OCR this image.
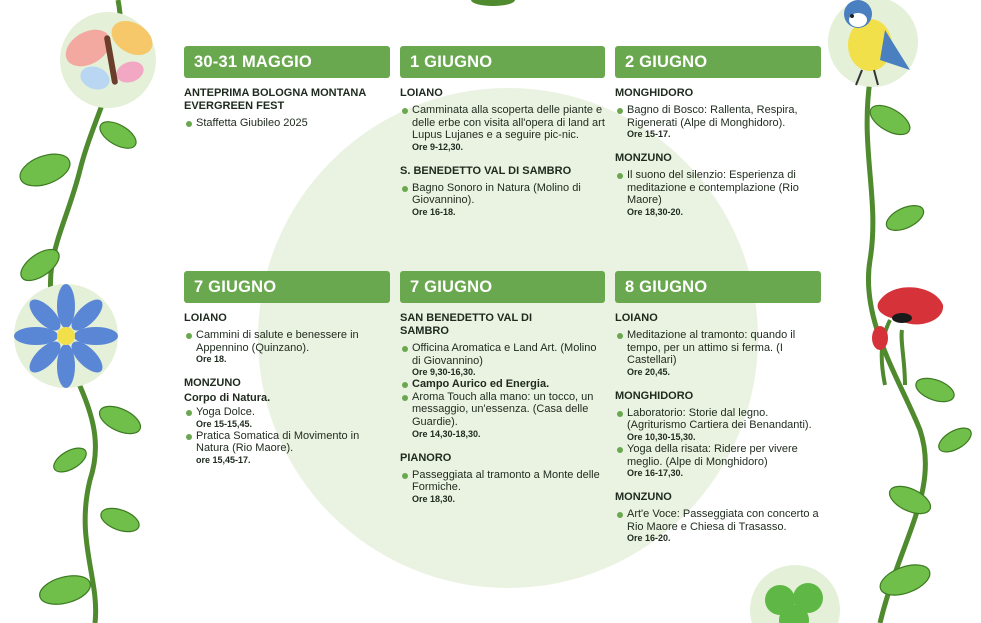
30-31 MAGGIO
ANTEPRIMA BOLOGNA MONTANA EVERGREEN FEST
Staffetta Giubileo 2025
1 GIUGNO
LOIANO
Camminata alla scoperta delle piante e delle erbe con visita all'opera di land art Lupus Lujanes e a seguire pic-nic.
Ore 9-12,30.
S. BENEDETTO VAL DI SAMBRO
Bagno Sonoro in Natura (Molino di Giovannino).
Ore 16-18.
2 GIUGNO
MONGHIDORO
Bagno di Bosco: Rallenta, Respira, Rigenerati (Alpe di Monghidoro).
Ore 15-17.
MONZUNO
Il suono del silenzio: Esperienza di meditazione e contemplazione (Rio Maore)
Ore 18,30-20.
7 GIUGNO
LOIANO
Cammini di salute e benessere in Appennino (Quinzano).
Ore 18.
MONZUNO
Corpo di Natura.
Yoga Dolce.
Ore 15-15,45.
Pratica Somatica di Movimento in Natura (Rio Maore).
ore 15,45-17.
7 GIUGNO
SAN BENEDETTO VAL DI SAMBRO
Officina Aromatica e Land Art. (Molino di Giovannino)
Ore 9,30-16,30.
Campo Aurico ed Energia.
Aroma Touch alla mano: un tocco, un messaggio, un'essenza. (Casa delle Guardie).
Ore 14,30-18,30.
PIANORO
Passeggiata al tramonto a Monte delle Formiche.
Ore 18,30.
8 GIUGNO
LOIANO
Meditazione al tramonto: quando il tempo, per un attimo si ferma. (I Castellari)
Ore 20,45.
MONGHIDORO
Laboratorio: Storie dal legno. (Agriturismo Cartiera dei Benandanti).
Ore 10,30-15,30.
Yoga della risata: Ridere per vivere meglio. (Alpe di Monghidoro)
Ore 16-17,30.
MONZUNO
Art'e Voce: Passeggiata con concerto a Rio Maore e Chiesa di Trasasso.
Ore 16-20.
